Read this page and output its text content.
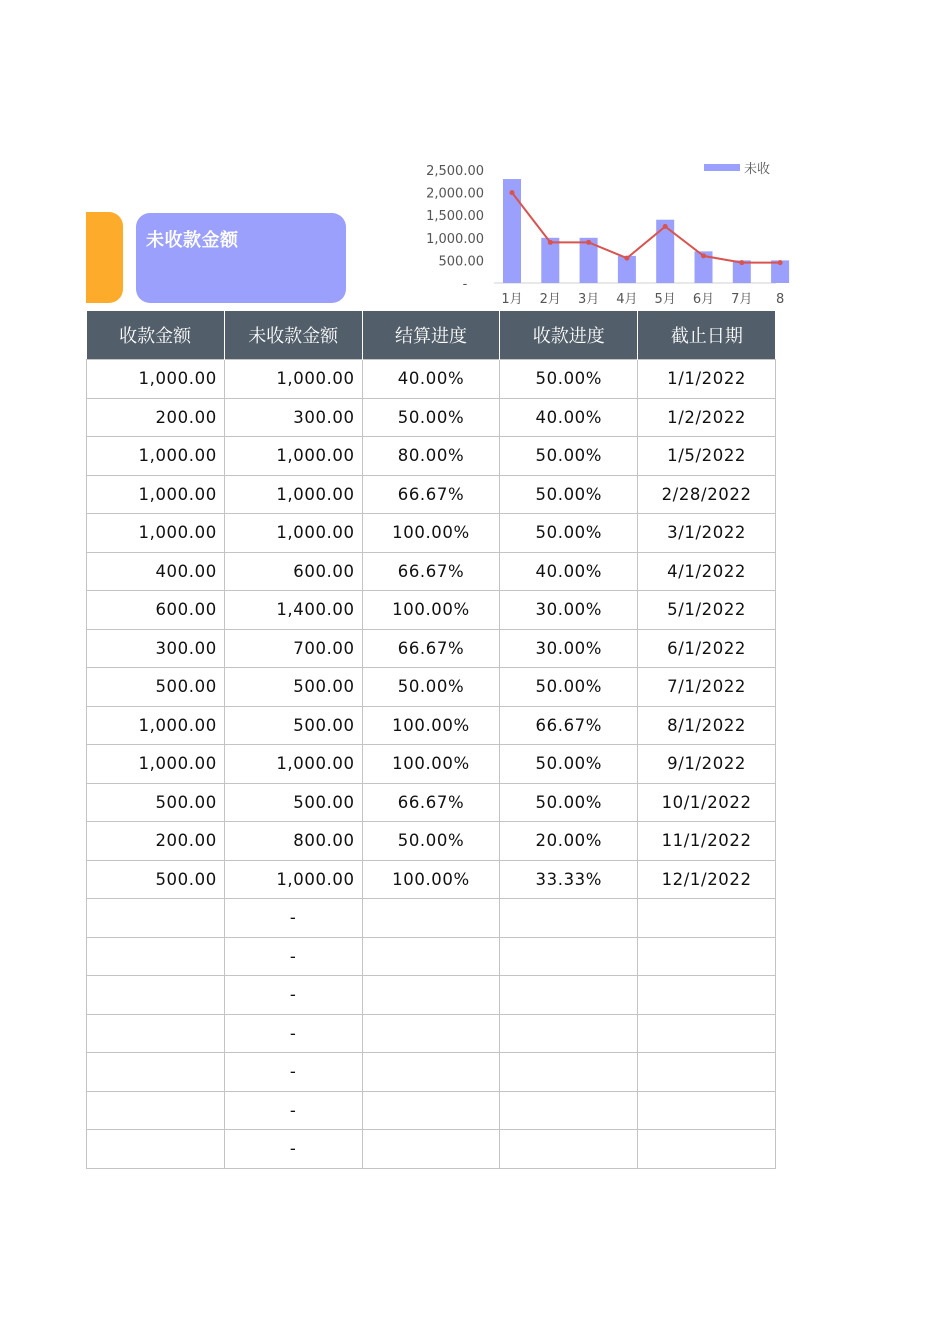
未收款金额
2,500.00
2,000.00
1,500.00
1,000.00
500.00
-
1月 2月 3月 4月 5月 6月 7月 8
未收
收款金额	未收款金额	结算进度	收款进度	截止日期
1,000.00	1,000.00	40.00%	50.00%	1/1/2022
200.00	300.00	50.00%	40.00%	1/2/2022
1,000.00	1,000.00	80.00%	50.00%	1/5/2022
1,000.00	1,000.00	66.67%	50.00%	2/28/2022
1,000.00	1,000.00	100.00%	50.00%	3/1/2022
400.00	600.00	66.67%	40.00%	4/1/2022
600.00	1,400.00	100.00%	30.00%	5/1/2022
300.00	700.00	66.67%	30.00%	6/1/2022
500.00	500.00	50.00%	50.00%	7/1/2022
1,000.00	500.00	100.00%	66.67%	8/1/2022
1,000.00	1,000.00	100.00%	50.00%	9/1/2022
500.00	500.00	66.67%	50.00%	10/1/2022
200.00	800.00	50.00%	20.00%	11/1/2022
500.00	1,000.00	100.00%	33.33%	12/1/2022
	-			
	-			
	-			
	-			
	-			
	-			
	-			
